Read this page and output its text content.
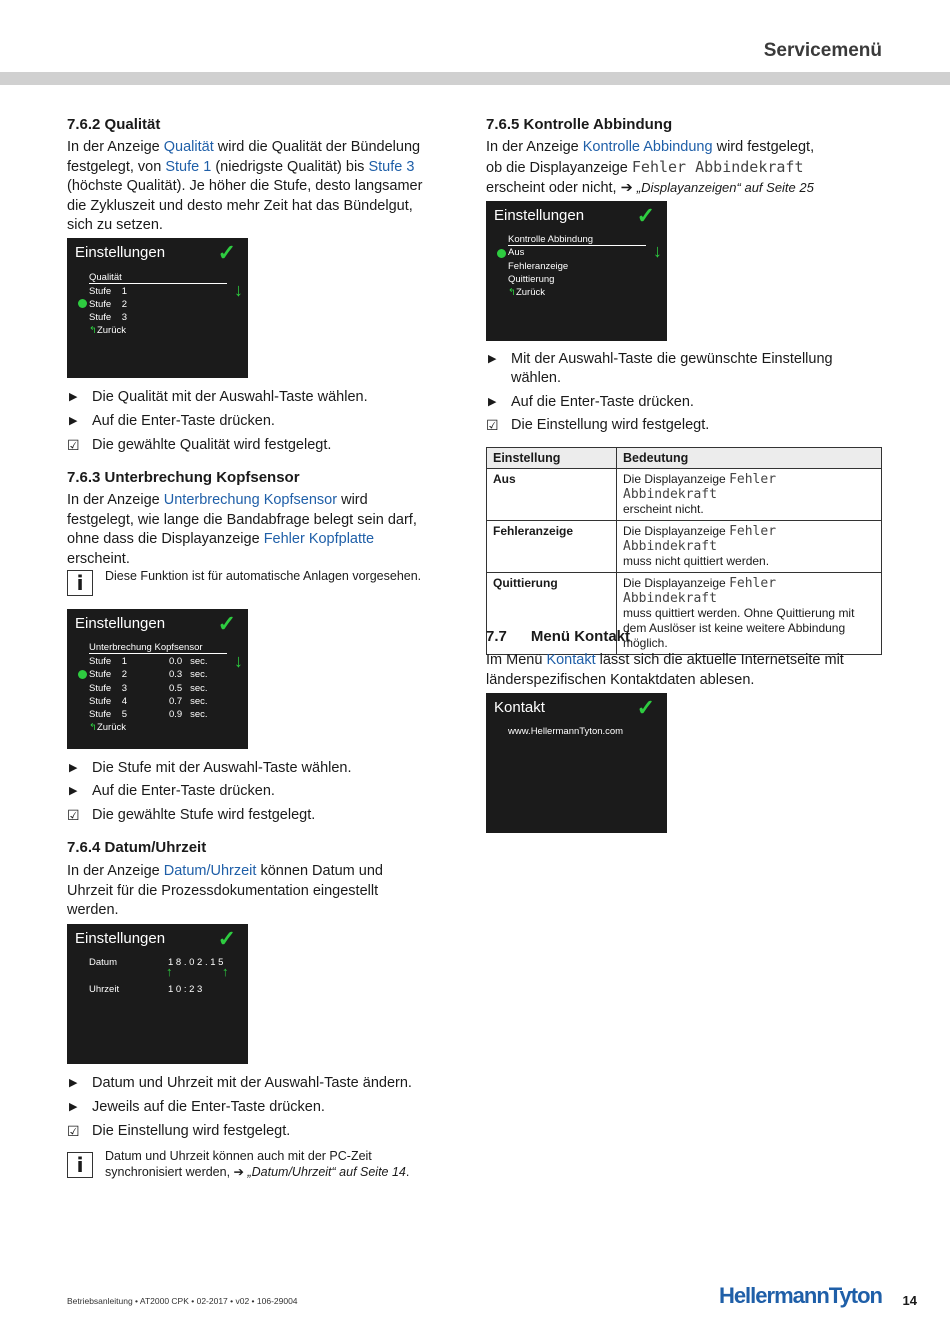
Servicemenü
7.6.2 Qualität
In der Anzeige Qualität wird die Qualität der Bündelung
festgelegt, von Stufe 1 (niedrigste Qualität) bis Stufe 3
(höchste Qualität). Je höher die Stufe, desto langsamer
die Zykluszeit und desto mehr Zeit hat das Bündelgut,
sich zu setzen.
Einstellungen ✓
↓
Qualität
Stufe    1
Stufe    2
Stufe    3
↰Zurück
▶ Die Qualität mit der Auswahl-Taste wählen.
▶ Auf die Enter-Taste drücken.
☑ Die gewählte Qualität wird festgelegt.
7.6.3 Unterbrechung Kopfsensor
In der Anzeige Unterbrechung Kopfsensor wird
festgelegt, wie lange die Bandabfrage belegt sein darf,
ohne dass die Displayanzeige Fehler Kopfplatte
erscheint.
i	Diese Funktion ist für automatische Anlagen vorgesehen.
Einstellungen ✓
↓
Unterbrechung Kopfsensor
Stufe    1	0.0   sec.
Stufe    2	0.3   sec.
Stufe    3	0.5   sec.
Stufe    4	0.7   sec.
Stufe    5	0.9   sec.
↰Zurück
▶ Die Stufe mit der Auswahl-Taste wählen.
▶ Auf die Enter-Taste drücken.
☑ Die gewählte Stufe wird festgelegt.
7.6.4 Datum/Uhrzeit
In der Anzeige Datum/Uhrzeit können Datum und
Uhrzeit für die Prozessdokumentation eingestellt
werden.
Einstellungen ✓
Datum	1 8 . 0 2 . 1 5
↑	↑
Uhrzeit	1 0 : 2 3
▶ Datum und Uhrzeit mit der Auswahl-Taste ändern.
▶ Jeweils auf die Enter-Taste drücken.
☑ Die Einstellung wird festgelegt.
i	Datum und Uhrzeit können auch mit der PC-Zeit
synchronisiert werden, ➔ „Datum/Uhrzeit“ auf Seite 14.
7.6.5 Kontrolle Abbindung
In der Anzeige Kontrolle Abbindung wird festgelegt,
ob die Displayanzeige Fehler Abbindekraft
erscheint oder nicht, ➔ „Displayanzeigen“ auf Seite 25
Einstellungen ✓
↓
Kontrolle Abbindung
Aus
Fehleranzeige
Quittierung
↰Zurück
▶ Mit der Auswahl-Taste die gewünschte Einstellung
wählen.
▶ Auf die Enter-Taste drücken.
☑ Die Einstellung wird festgelegt.
Einstellung	Bedeutung
Aus	Die Displayanzeige Fehler Abbindekraft
erscheint nicht.
Fehleranzeige	Die Displayanzeige Fehler Abbindekraft
muss nicht quittiert werden.
Quittierung	Die Displayanzeige Fehler Abbindekraft
muss quittiert werden. Ohne Quittierung mit dem Auslöser ist keine weitere Abbindung möglich.
7.7 Menü Kontakt
Im Menü Kontakt lässt sich die aktuelle Internetseite mit
länderspezifischen Kontaktdaten ablesen.
Kontakt	✓
www.HellermannTyton.com
Betriebsanleitung • AT2000 CPK • 02-2017 • v02 • 106-29004	HellermannTyton 14
